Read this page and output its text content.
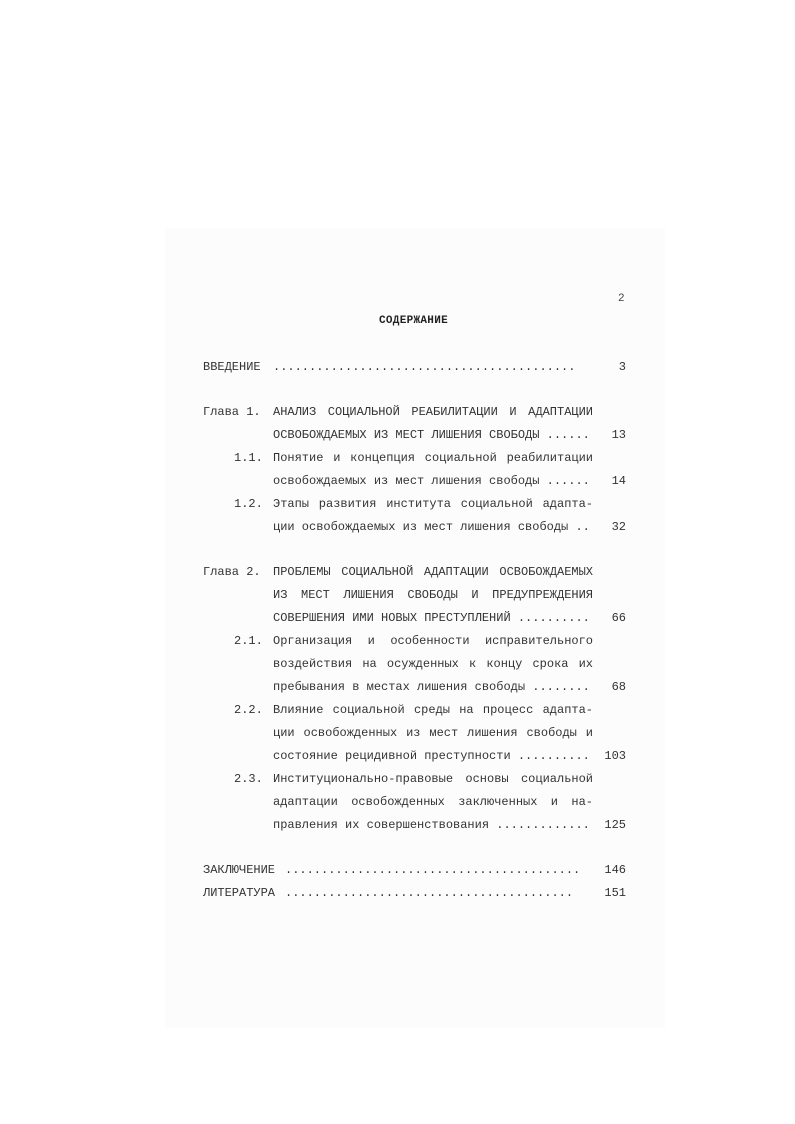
2
СОДЕРЖАНИЕ
ВВЕДЕНИЕ ..........................................	3
Глава 1. АНАЛИЗ СОЦИАЛЬНОЙ РЕАБИЛИТАЦИИ И АДАПТАЦИИ
ОСВОБОЖДАЕМЫХ ИЗ МЕСТ ЛИШЕНИЯ СВОБОДЫ ......	13
1.1. Понятие и концепция социальной реабилитации
освобождаемых из мест лишения свободы ......	14
1.2. Этапы развития института социальной адапта-
ции освобождаемых из мест лишения свободы ..	32
Глава 2. ПРОБЛЕМЫ СОЦИАЛЬНОЙ АДАПТАЦИИ ОСВОБОЖДАЕМЫХ
ИЗ МЕСТ ЛИШЕНИЯ СВОБОДЫ И ПРЕДУПРЕЖДЕНИЯ
СОВЕРШЕНИЯ ИМИ НОВЫХ ПРЕСТУПЛЕНИЙ ..........	66
2.1. Организация и особенности исправительного
воздействия на осужденных к концу срока их
пребывания в местах лишения свободы ........	68
2.2. Влияние социальной среды на процесс адапта-
ции освобожденных из мест лишения свободы и
состояние рецидивной преступности ..........	103
2.3. Институционально-правовые основы социальной
адаптации освобожденных заключенных и на-
правления их совершенствования .............	125
ЗАКЛЮЧЕНИЕ .........................................	146
ЛИТЕРАТУРА ........................................	151
